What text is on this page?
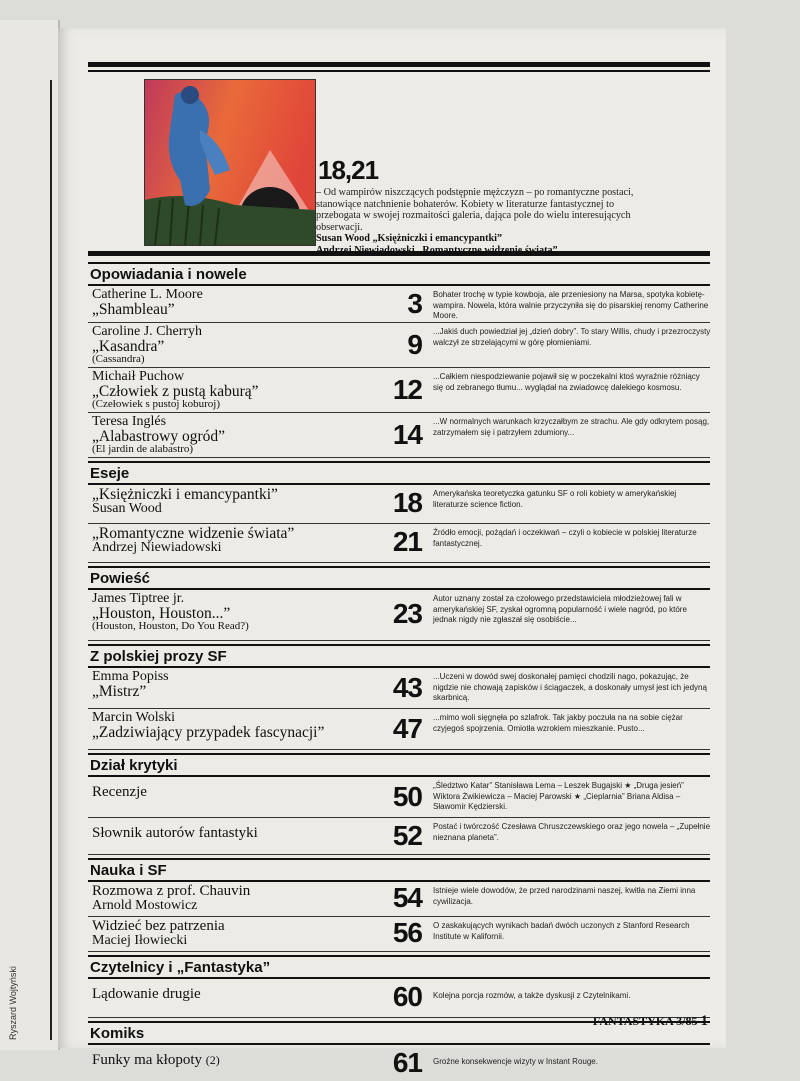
Ryszard Wojtyński
18,21
– Od wampirów niszczących podstępnie mężczyzn – po romantyczne postaci, stanowiące natchnienie bohaterów. Kobiety w literaturze fantastycznej to przebogata w swojej rozmaitości galeria, dająca pole do wielu interesujących obserwacji.
Susan Wood „Księżniczki i emancypantki”
Andrzej Niewiadowski „Romantyczne widzenie świata”
Opowiadania i nowele
Catherine L. Moore
„Shambleau”	3 Bohater trochę w typie kowboja, ale przeniesiony na Marsa, spotyka kobietę-wampira. Nowela, która walnie przyczyniła się do pisarskiej renomy Catherine Moore.
Caroline J. Cherryh
„Kasandra”
(Cassandra)	9 ...Jakiś duch powiedział jej „dzień dobry”. To stary Willis, chudy i przezroczysty walczył ze strzelającymi w górę płomieniami.
Michaił Puchow
„Człowiek z pustą kaburą”
(Czełowiek s pustoj koburoj)	12 ...Całkiem niespodziewanie pojawił się w poczekalni ktoś wyraźnie różniący się od zebranego tłumu... wyglądał na zwiadowcę dalekiego kosmosu.
Teresa Inglés
„Alabastrowy ogród”
(El jardin de alabastro)	14 ...W normalnych warunkach krzyczałbym ze strachu. Ale gdy odkrytem posąg, zatrzymałem się i patrzyłem zdumiony...
Eseje
„Księżniczki i emancypantki”
Susan Wood	18 Amerykańska teoretyczka gatunku SF o roli kobiety w amerykańskiej literaturze science fiction.
„Romantyczne widzenie świata”
Andrzej Niewiadowski	21 Źródło emocji, pożądań i oczekiwań – czyli o kobiecie w polskiej literaturze fantastycznej.
Powieść
James Tiptree jr.
„Houston, Houston...”
(Houston, Houston, Do You Read?)	23 Autor uznany został za czołowego przedstawiciela młodzieżowej fali w amerykańskiej SF, zyskał ogromną popularność i wiele nagród, po które jednak nigdy nie zgłaszał się osobiście...
Z polskiej prozy SF
Emma Popiss
„Mistrz”	43 ...Uczeni w dowód swej doskonałej pamięci chodzili nago, pokazując, że nigdzie nie chowają zapisków i ściągaczek, a doskonały umysł jest ich jedyną skarbnicą.
Marcin Wolski
„Zadziwiający przypadek fascynacji”	47 ...mimo woli sięgnęła po szlafrok. Tak jakby poczuła na na sobie ciężar czyjegoś spojrzenia. Omiotła wzrokiem mieszkanie. Pusto...
Dział krytyki
Recenzje	50 „Śledztwo Katar” Stanisława Lema – Leszek Bugajski ★ „Druga jesień” Wiktora Żwikiewicza – Maciej Parowski ★ „Cieplarnia” Briana Aldisa – Sławomir Kędzierski.
Słownik autorów fantastyki	52 Postać i twórczość Czesława Chruszczewskiego oraz jego nowela – „Zupełnie nieznana planeta”.
Nauka i SF
Rozmowa z prof. Chauvin
Arnold Mostowicz	54 Istnieje wiele dowodów, że przed narodzinami naszej, kwitła na Ziemi inna cywilizacja.
Widzieć bez patrzenia
Maciej Iłowiecki	56 O zaskakujących wynikach badań dwóch uczonych z Stanford Research Institute w Kalifornii.
Czytelnicy i „Fantastyka”
Lądowanie drugie	60 Kolejna porcja rozmów, a także dyskusji z Czytelnikami.
Komiks
Funky ma kłopoty (2)	61 Groźne konsekwencje wizyty w Instant Rouge.
FANTASTYKA 3/85 1
